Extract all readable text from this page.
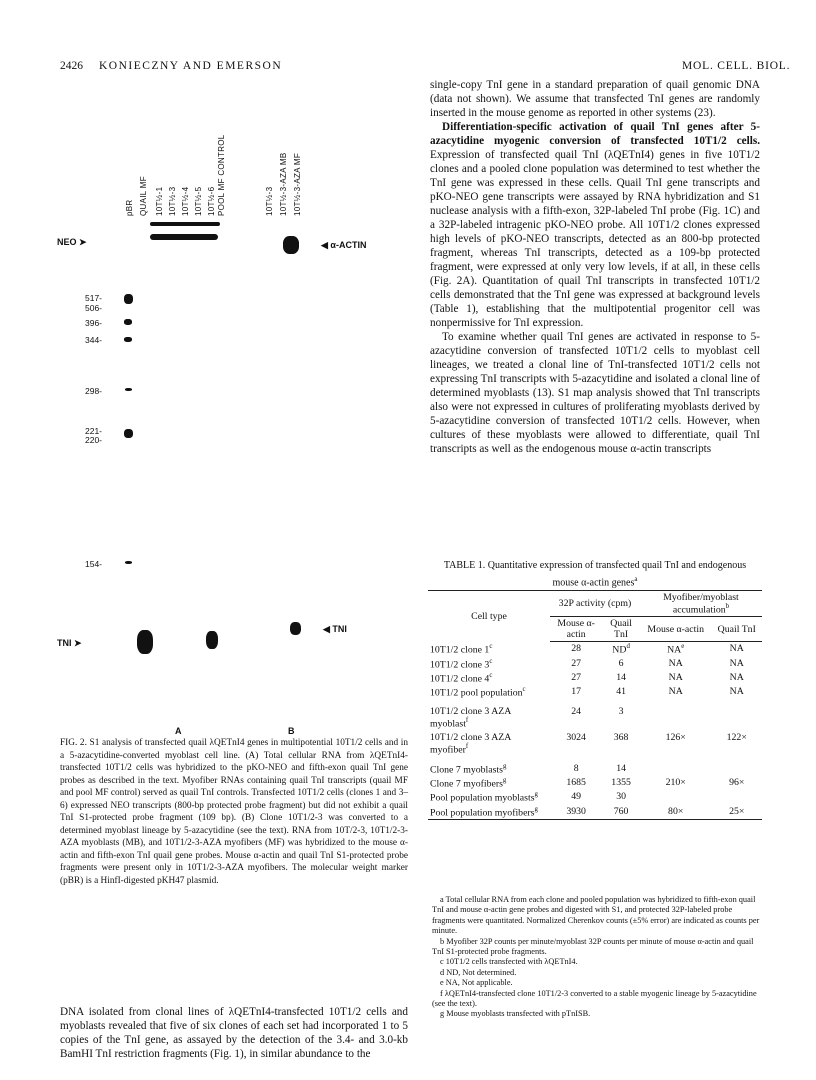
2426 KONIECZNY AND EMERSON	MOL. CELL. BIOL.
pBR QUAIL MF 10T½-1 10T½-3 10T½-4 10T½-5 10T½-6 POOL MF CONTROL	10T½-3 10T½-3-AZA MB 10T½-3-AZA MF
NEO ➤	◀ α-ACTIN
517-
506-
396-
344-
298-
221-
220-
154-
TNI ➤
◀ TNI
A	B
FIG. 2. S1 analysis of transfected quail λQETnI4 genes in multipotential 10T1/2 cells and in a 5-azacytidine-converted myoblast cell line. (A) Total cellular RNA from λQETnI4-transfected 10T1/2 cells was hybridized to the pKO-NEO and fifth-exon quail TnI gene probes as described in the text. Myofiber RNAs containing quail TnI transcripts (quail MF and pool MF control) served as quail TnI controls. Transfected 10T1/2 cells (clones 1 and 3–6) expressed NEO transcripts (800-bp protected probe fragment) but did not exhibit a quail TnI S1-protected probe fragment (109 bp). (B) Clone 10T1/2-3 was converted to a determined myoblast lineage by 5-azacytidine (see the text). RNA from 10T/2-3, 10T1/2-3-AZA myoblasts (MB), and 10T1/2-3-AZA myofibers (MF) was hybridized to the mouse α-actin and fifth-exon TnI quail gene probes. Mouse α-actin and quail TnI S1-protected probe fragments were present only in 10T1/2-3-AZA myofibers. The molecular weight marker (pBR) is a HinfI-digested pKH47 plasmid.
DNA isolated from clonal lines of λQETnI4-transfected 10T1/2 cells and myoblasts revealed that five of six clones of each set had incorporated 1 to 5 copies of the TnI gene, as assayed by the detection of the 3.4- and 3.0-kb BamHI TnI restriction fragments (Fig. 1), in similar abundance to the

single-copy TnI gene in a standard preparation of quail genomic DNA (data not shown). We assume that transfected TnI genes are randomly inserted in the mouse genome as reported in other systems (23).

Differentiation-specific activation of quail TnI genes after 5-azacytidine myogenic conversion of transfected 10T1/2 cells. Expression of transfected quail TnI (λQETnI4) genes in five 10T1/2 clones and a pooled clone population was determined to test whether the TnI gene was expressed in these cells. Quail TnI gene transcripts and pKO-NEO gene transcripts were assayed by RNA hybridization and S1 nuclease analysis with a fifth-exon, 32P-labeled TnI probe (Fig. 1C) and a 32P-labeled intragenic pKO-NEO probe. All 10T1/2 clones expressed high levels of pKO-NEO transcripts, detected as an 800-bp protected fragment, whereas TnI transcripts, detected as a 109-bp protected fragment, were expressed at only very low levels, if at all, in these cells (Fig. 2A). Quantitation of quail TnI transcripts in transfected 10T1/2 cells demonstrated that the TnI gene was expressed at background levels (Table 1), establishing that the multipotential progenitor cell was nonpermissive for TnI expression.

To examine whether quail TnI genes are activated in response to 5-azacytidine conversion of transfected 10T1/2 cells to myoblast cell lineages, we treated a clonal line of TnI-transfected 10T1/2 cells not expressing TnI transcripts with 5-azacytidine and isolated a clonal line of determined myoblasts (13). S1 map analysis showed that TnI transcripts also were not expressed in cultures of proliferating myoblasts derived by 5-azacytidine conversion of transfected 10T1/2 cells. However, when cultures of these myoblasts were allowed to differentiate, quail TnI transcripts as well as the endogenous mouse α-actin transcripts

TABLE 1. Quantitative expression of transfected quail TnI and endogenous mouse α-actin genes$^a$
Cell type	32P activity (cpm)		Myofiber/myoblast accumulation$^b$
	Mouse α-actin	Quail TnI	Mouse α-actin	Quail TnI
10T1/2 clone 1$^c$	28	$ND^d$	$NA^e$	NA
10T1/2 clone 3$^c$	27	6	NA	NA
10T1/2 clone 4$^c$	27	14	NA	NA
10T1/2 pool population$^c$	17	41	NA	NA
10T1/2 clone 3 AZA myoblast$^f$	24	3		
10T1/2 clone 3 AZA myofiber$^f$	3024	368	126×	122×
Clone 7 myoblasts$^g$	8	14		
Clone 7 myofibers$^g$	1685	1355	210×	96×
Pool population myoblasts$^g$	49	30		
Pool population myofibers$^g$	3930	760	80×	25×
a Total cellular RNA from each clone and pooled population was hybridized to fifth-exon quail TnI and mouse α-actin gene probes and digested with S1, and protected 32P-labeled probe fragments were quantitated. Normalized Cherenkov counts (±5% error) are indicated as counts per minute.
b Myofiber 32P counts per minute/myoblast 32P counts per minute of mouse α-actin and quail TnI S1-protected probe fragments.
c 10T1/2 cells transfected with λQETnI4.
d ND, Not determined.
e NA, Not applicable.
f λQETnI4-transfected clone 10T1/2-3 converted to a stable myogenic lineage by 5-azacytidine (see the text).
g Mouse myoblasts transfected with pTnISB.
